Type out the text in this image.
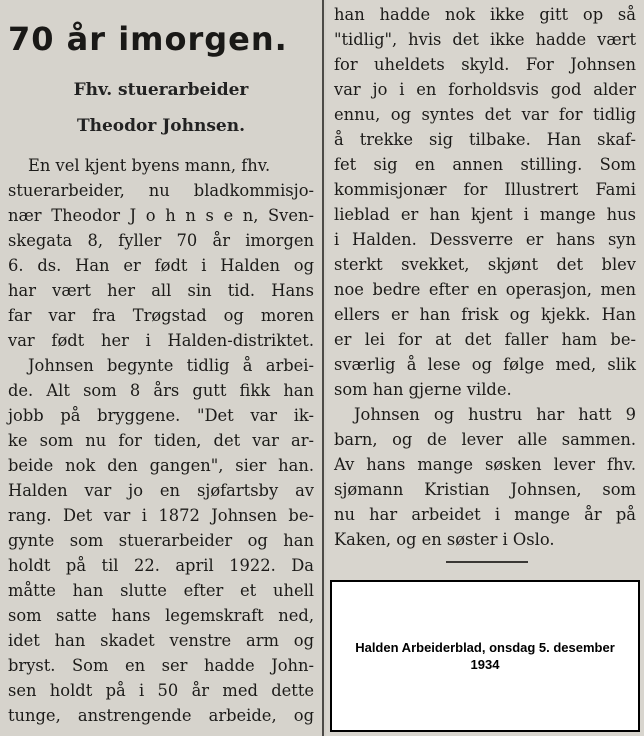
70 år imorgen.
Fhv. stuerarbeider
Theodor Johnsen.
En vel kjent byens mann, fhv.
stuerarbeider, nu bladkommisjo-
nær Theodor J o h n s e n, Sven-
skegata 8, fyller 70 år imorgen
6. ds. Han er født i Halden og
har vært her all sin tid. Hans
far var fra Trøgstad og moren
var født her i Halden-distriktet.
Johnsen begynte tidlig å arbei-
de. Alt som 8 års gutt fikk han
jobb på bryggene. "Det var ik-
ke som nu for tiden, det var ar-
beide nok den gangen", sier han.
Halden var jo en sjøfartsby av
rang. Det var i 1872 Johnsen be-
gynte som stuerarbeider og han
holdt på til 22. april 1922. Da
måtte han slutte efter et uhell
som satte hans legemskraft ned,
idet han skadet venstre arm og
bryst. Som en ser hadde John-
sen holdt på i 50 år med dette
tunge, anstrengende arbeide, og
han hadde nok ikke gitt op så
"tidlig", hvis det ikke hadde vært
for uheldets skyld. For Johnsen
var jo i en forholdsvis god alder
ennu, og syntes det var for tidlig
å trekke sig tilbake. Han skaf-
fet sig en annen stilling. Som
kommisjonær for Illustrert Fami
lieblad er han kjent i mange hus
i Halden. Dessverre er hans syn
sterkt svekket, skjønt det blev
noe bedre efter en operasjon, men
ellers er han frisk og kjekk. Han
er lei for at det faller ham be-
sværlig å lese og følge med, slik
som han gjerne vilde.
Johnsen og hustru har hatt 9
barn, og de lever alle sammen.
Av hans mange søsken lever fhv.
sjømann Kristian Johnsen, som
nu har arbeidet i mange år på
Kaken, og en søster i Oslo.
Halden Arbeiderblad, onsdag 5. desember
1934
